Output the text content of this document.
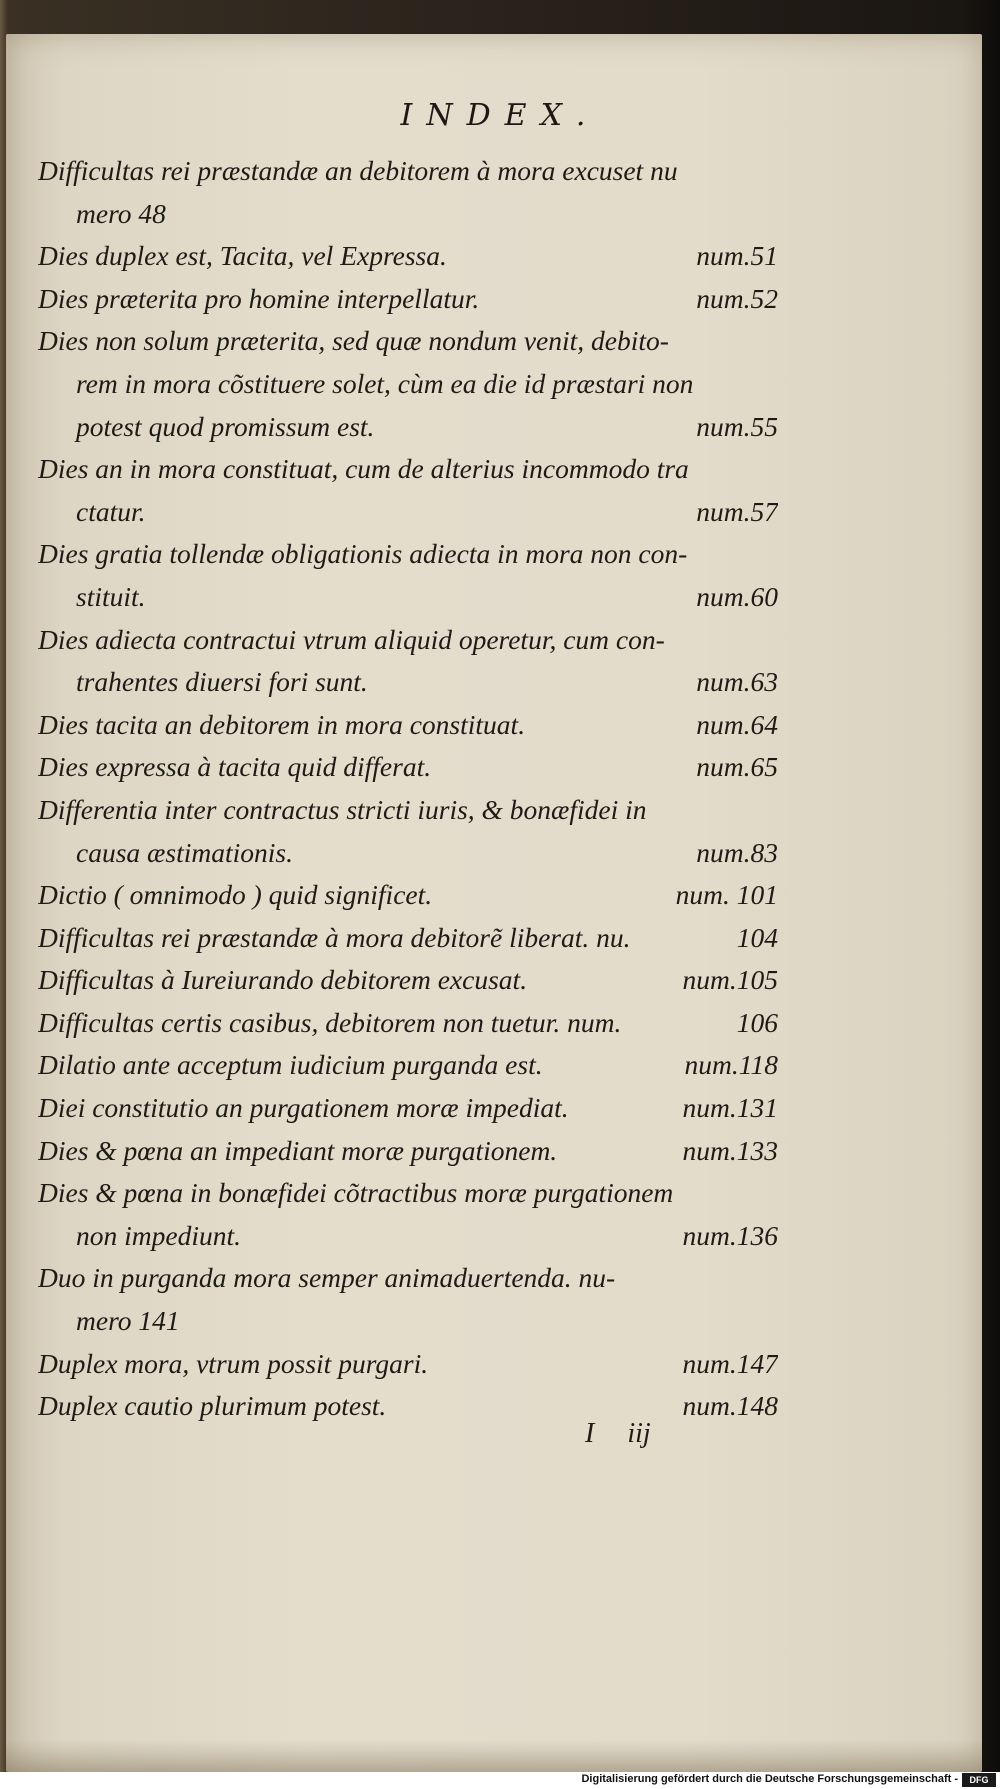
INDEX.
Difficultas rei præstandæ an debitorem à mora excuset nu
mero 48
Dies duplex est, Tacita, vel Expressa.	num.51
Dies præterita pro homine interpellatur.	num.52
Dies non solum præterita, sed quæ nondum venit, debito-
rem in mora cõstituere solet, cùm ea die id præstari non
potest quod promissum est.	num.55
Dies an in mora constituat, cum de alterius incommodo tra
ctatur.	num.57
Dies gratia tollendæ obligationis adiecta in mora non con-
stituit.	num.60
Dies adiecta contractui vtrum aliquid operetur, cum con-
trahentes diuersi fori sunt.	num.63
Dies tacita an debitorem in mora constituat.	num.64
Dies expressa à tacita quid differat.	num.65
Differentia inter contractus stricti iuris, & bonæfidei in
causa æstimationis.	num.83
Dictio ( omnimodo ) quid significet.	num. 101
Difficultas rei præstandæ à mora debitorẽ liberat. nu.	104
Difficultas à Iureiurando debitorem excusat.	num.105
Difficultas certis casibus, debitorem non tuetur. num.	106
Dilatio ante acceptum iudicium purganda est.	num.118
Diei constitutio an purgationem moræ impediat.	num.131
Dies & pœna an impediant moræ purgationem.	num.133
Dies & pœna in bonæfidei cõtractibus moræ purgationem
non impediunt.	num.136
Duo in purganda mora semper animaduertenda. nu-
mero 141
Duplex mora, vtrum possit purgari.	num.147
Duplex cautio plurimum potest.	num.148
I iij
Digitalisierung gefördert durch die Deutsche Forschungsgemeinschaft -	DFG
